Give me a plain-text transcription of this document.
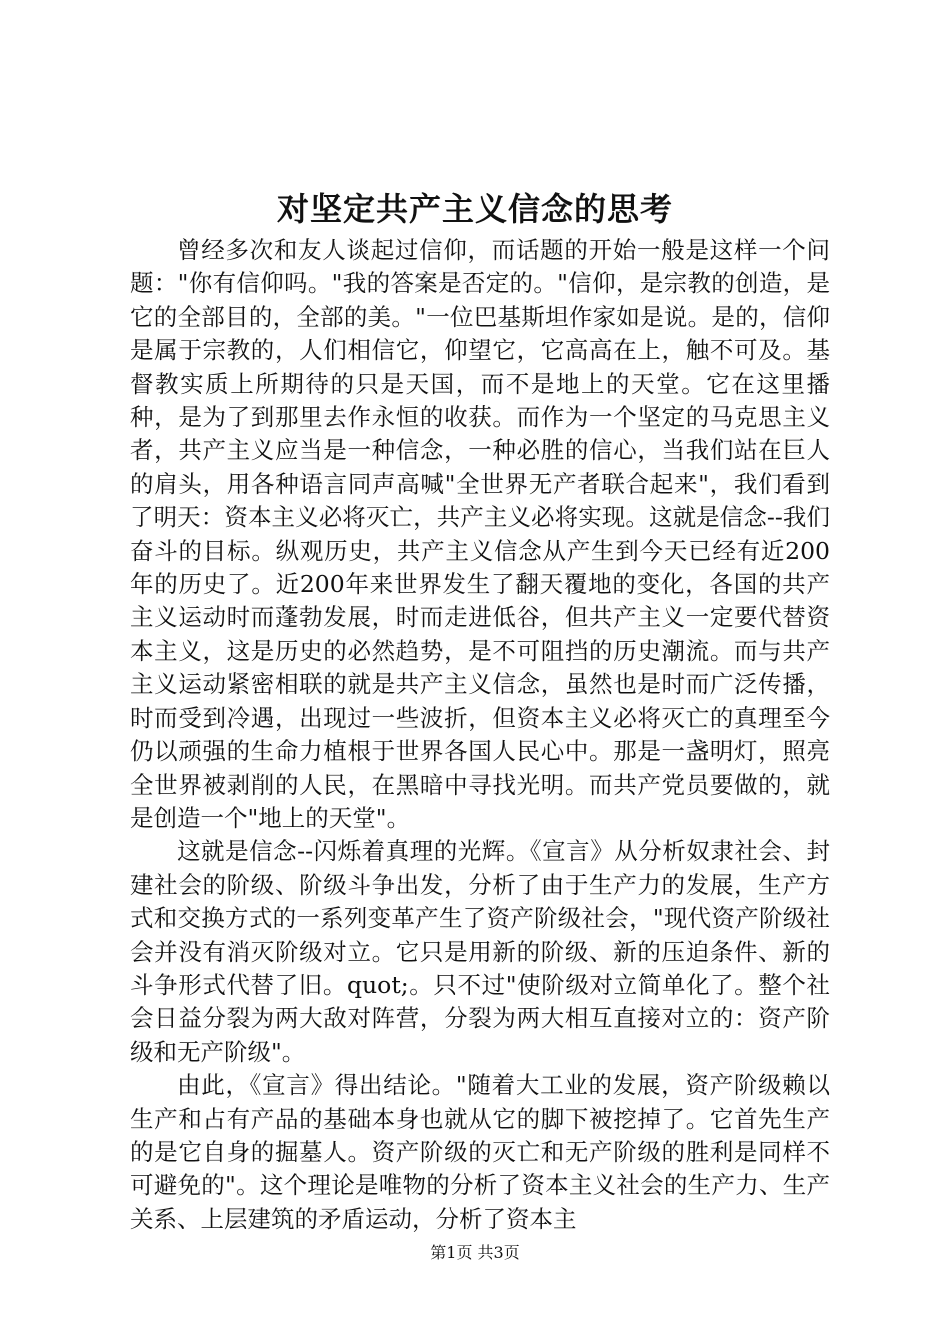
对坚定共产主义信念的思考

曾经多次和友人谈起过信仰，而话题的开始一般是这样一个问题："你有信仰吗。"我的答案是否定的。"信仰，是宗教的创造，是它的全部目的，全部的美。"一位巴基斯坦作家如是说。是的，信仰是属于宗教的，人们相信它，仰望它，它高高在上，触不可及。基督教实质上所期待的只是天国，而不是地上的天堂。它在这里播种，是为了到那里去作永恒的收获。而作为一个坚定的马克思主义者，共产主义应当是一种信念，一种必胜的信心，当我们站在巨人的肩头，用各种语言同声高喊"全世界无产者联合起来"，我们看到了明天：资本主义必将灭亡，共产主义必将实现。这就是信念--我们奋斗的目标。纵观历史，共产主义信念从产生到今天已经有近200年的历史了。近200年来世界发生了翻天覆地的变化，各国的共产主义运动时而蓬勃发展，时而走进低谷，但共产主义一定要代替资本主义，这是历史的必然趋势，是不可阻挡的历史潮流。而与共产主义运动紧密相联的就是共产主义信念，虽然也是时而广泛传播，时而受到冷遇，出现过一些波折，但资本主义必将灭亡的真理至今仍以顽强的生命力植根于世界各国人民心中。那是一盏明灯，照亮全世界被剥削的人民，在黑暗中寻找光明。而共产党员要做的，就是创造一个"地上的天堂"。

这就是信念--闪烁着真理的光辉。《宣言》从分析奴隶社会、封建社会的阶级、阶级斗争出发，分析了由于生产力的发展，生产方式和交换方式的一系列变革产生了资产阶级社会，"现代资产阶级社会并没有消灭阶级对立。它只是用新的阶级、新的压迫条件、新的斗争形式代替了旧。quot;。只不过"使阶级对立简单化了。整个社会日益分裂为两大敌对阵营，分裂为两大相互直接对立的：资产阶级和无产阶级"。

由此，《宣言》得出结论。"随着大工业的发展，资产阶级赖以生产和占有产品的基础本身也就从它的脚下被挖掉了。它首先生产的是它自身的掘墓人。资产阶级的灭亡和无产阶级的胜利是同样不可避免的"。这个理论是唯物的分析了资本主义社会的生产力、生产关系、上层建筑的矛盾运动，分析了资本主

第1页 共3页
